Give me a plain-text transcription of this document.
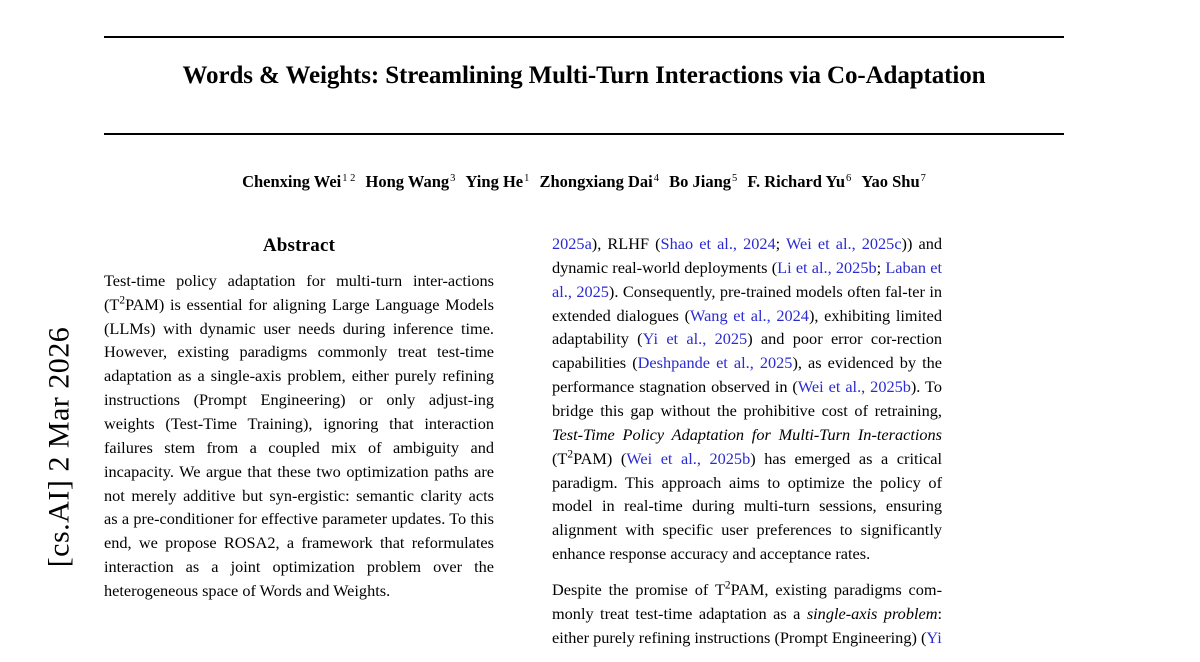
[cs.AI] 2 Mar 2026
Words & Weights: Streamlining Multi-Turn Interactions via Co-Adaptation
Chenxing Wei$^{1 2}$ Hong Wang$^3$ Ying He$^1$ Zhongxiang Dai$^4$ Bo Jiang$^5$ F. Richard Yu$^6$ Yao Shu$^7$
Abstract

Test-time policy adaptation for multi-turn inter-actions $(T^2PAM)$ is essential for aligning Large Language Models (LLMs) with dynamic user needs during inference time. However, existing paradigms commonly treat test-time adaptation as a single-axis problem, either purely refining instructions (Prompt Engineering) or only adjust-ing weights (Test-Time Training), ignoring that interaction failures stem from a coupled mix of ambiguity and incapacity. We argue that these two optimization paths are not merely additive but syn-ergistic: semantic clarity acts as a pre-conditioner for effective parameter updates. To this end, we propose ROSA2, a framework that reformulates interaction as a joint optimization problem over the heterogeneous space of Words and Weights.

2025a), RLHF (Shao et al., 2024; Wei et al., 2025c)) and dynamic real-world deployments (Li et al., 2025b; Laban et al., 2025). Consequently, pre-trained models often fal-ter in extended dialogues (Wang et al., 2024), exhibiting limited adaptability (Yi et al., 2025) and poor error cor-rection capabilities (Deshpande et al., 2025), as evidenced by the performance stagnation observed in (Wei et al., 2025b). To bridge this gap without the prohibitive cost of retraining, Test-Time Policy Adaptation for Multi-Turn In-teractions $(T^2PAM)$ (Wei et al., 2025b) has emerged as a critical paradigm. This approach aims to optimize the policy of model in real-time during multi-turn sessions, ensuring alignment with specific user preferences to significantly enhance response accuracy and acceptance rates.

Despite the promise of $T^2PAM$, existing paradigms com-monly treat test-time adaptation as a single-axis problem: either purely refining instructions (Prompt Engineering) (Yi
